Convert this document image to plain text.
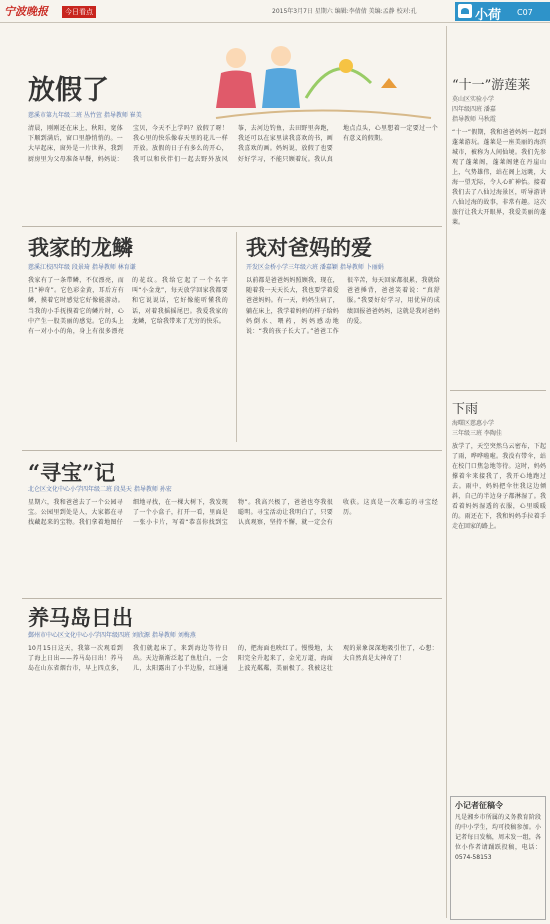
宁波晚报	今日看点	2015年3月7日 星期六 编辑:李倩倩 美编:孟静 校对:孔	小荷 C07
放假了
慈溪市第九年级二班 丛竹萱 指导教师 崔美
清晨，刚刚还在床上，秋阳，宽体下顺到满后，窗口里静悄悄的。一大早起床，窗外是一片世界，我到厨房里为父母准备早餐，妈妈说：宝贝，今天不上学吗？放假了呀！我心里的快乐像春天里的花儿一样开放。放假的日子有多么的开心，我可以和伙伴们一起去野外放风筝，去河边钓鱼，去田野里奔跑，我还可以在家里读我喜欢的书，画我喜欢的画。妈妈说，放假了也要好好学习，不能只顾着玩。我认真地点点头，心里想着一定要过一个有意义的假期。
我家的龙鳞
慈溪江校四年级 段景琦 指导教师 林育谦
我家有了一条带鳞，不仅漂亮，而且“神奇”。它色彩金黄，耳后方有鳞，摸着它时感觉它好像能游动。当我的小手抚摸着它的鳞片时，心中产生一股美丽的感觉。它的头上有一对小小的角，身上有很多漂亮的花纹。我给它起了一个名字叫“小金龙”，每天放学回家我都要和它说说话，它好像能听懂我的话，对着我摇摇尾巴。我爱我家的龙鳞，它给我带来了无穷的快乐。
我对爸妈的爱
开发区金桥小学三年级六班 潘嘉颖 指导教师 卜丽娟
以前都是爸爸妈妈照顾我，现在，随着我一天天长大，我也要学着爱爸爸妈妈。有一天，妈妈生病了，躺在床上，我学着妈妈的样子给妈妈倒水、喂药，妈妈感动地说：“我的孩子长大了。”爸爸工作很辛苦，每天回家都很累，我就给爸爸捶背，爸爸笑着说：“真舒服。”我要好好学习，用优异的成绩回报爸爸妈妈，这就是我对爸妈的爱。
“寻宝”记
北仑区文化中心小学四年级二班 段昊天 指导教师 孙宏
星期六，我和爸爸去了一个公园寻宝。公园里到处是人，大家都在寻找藏起来的宝物。我们拿着地图仔细地寻找，在一棵大树下，我发现了一个小盒子，打开一看，里面是一张小卡片，写着“恭喜你找到宝物”。我高兴极了，爸爸也夸我很聪明。寻宝活动让我明白了，只要认真观察，坚持不懈，就一定会有收获。这真是一次难忘的寻宝经历。
养马岛日出
鄞州市中心区文化中心小学四年级四班 刘欣源 指导教师 刘梅燕
10月15日这天，我第一次观看到了海上日出——养马岛日出！养马岛在山东省烟台市，早上四点多，我们就起床了，来到海边等待日出。天边渐渐泛起了鱼肚白，一会儿，太阳露出了小半边脸，红通通的，把海面也映红了。慢慢地，太阳完全升起来了，金光万道，海面上波光粼粼，美丽极了。我被这壮观的景象深深地吸引住了，心想：大自然真是太神奇了！
“十一”游莲莱
莫山区实验小学
四年级四班 潘嘉
指导教师 马秋霞
“十一”假期，我和爸爸妈妈一起到蓬莱游玩。蓬莱是一座美丽的海滨城市，被称为人间仙境。我们先参观了蓬莱阁，蓬莱阁建在丹崖山上，气势雄伟，站在阁上远眺，大海一望无际，令人心旷神怡。接着我们去了八仙过海景区，听导游讲八仙过海的故事，非常有趣。这次旅行让我大开眼界，我爱美丽的蓬莱。
下雨
海曙区慈惠小学
三年级三班 李陶佳
放学了，天空突然乌云密布，下起了雨，哗哗啦啦。我没有带伞，站在校门口焦急地等待。这时，妈妈撑着伞来接我了，我开心地跑过去。雨中，妈妈把伞往我这边倾斜，自己的半边身子都淋湿了。我看着妈妈湿透的衣服，心里暖暖的。雨还在下，我和妈妈手拉着手走在回家的路上。
小记者征稿令
凡是湘乡市所属的义务教育阶段的中小学生，均可投稿参加。小记者每日发稿，周末发一组，各位小作者请踊跃投稿，电话：0574-58153
